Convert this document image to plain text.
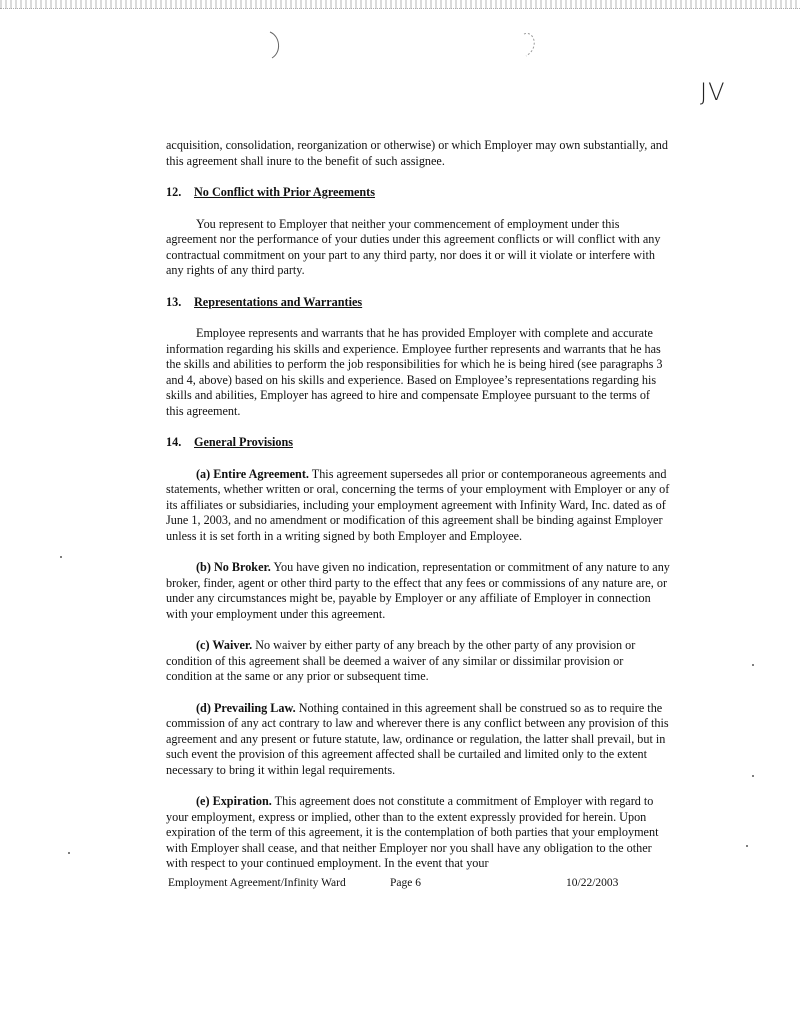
JV

acquisition, consolidation, reorganization or otherwise) or which Employer may own substantially, and this agreement shall inure to the benefit of such assignee.

12. No Conflict with Prior Agreements

You represent to Employer that neither your commencement of employment under this agreement nor the performance of your duties under this agreement conflicts or will conflict with any contractual commitment on your part to any third party, nor does it or will it violate or interfere with any rights of any third party.

13. Representations and Warranties

Employee represents and warrants that he has provided Employer with complete and accurate information regarding his skills and experience. Employee further represents and warrants that he has the skills and abilities to perform the job responsibilities for which he is being hired (see paragraphs 3 and 4, above) based on his skills and experience. Based on Employee’s representations regarding his skills and abilities, Employer has agreed to hire and compensate Employee pursuant to the terms of this agreement.

14. General Provisions

(a) Entire Agreement. This agreement supersedes all prior or contemporaneous agreements and statements, whether written or oral, concerning the terms of your employment with Employer or any of its affiliates or subsidiaries, including your employment agreement with Infinity Ward, Inc. dated as of June 1, 2003, and no amendment or modification of this agreement shall be binding against Employer unless it is set forth in a writing signed by both Employer and Employee.

(b) No Broker. You have given no indication, representation or commitment of any nature to any broker, finder, agent or other third party to the effect that any fees or commissions of any nature are, or under any circumstances might be, payable by Employer or any affiliate of Employer in connection with your employment under this agreement.

(c) Waiver. No waiver by either party of any breach by the other party of any provision or condition of this agreement shall be deemed a waiver of any similar or dissimilar provision or condition at the same or any prior or subsequent time.

(d) Prevailing Law. Nothing contained in this agreement shall be construed so as to require the commission of any act contrary to law and wherever there is any conflict between any provision of this agreement and any present or future statute, law, ordinance or regulation, the latter shall prevail, but in such event the provision of this agreement affected shall be curtailed and limited only to the extent necessary to bring it within legal requirements.

(e) Expiration. This agreement does not constitute a commitment of Employer with regard to your employment, express or implied, other than to the extent expressly provided for herein. Upon expiration of the term of this agreement, it is the contemplation of both parties that your employment with Employer shall cease, and that neither Employer nor you shall have any obligation to the other with respect to your continued employment. In the event that your

Employment Agreement/Infinity Ward	Page 6	10/22/2003
